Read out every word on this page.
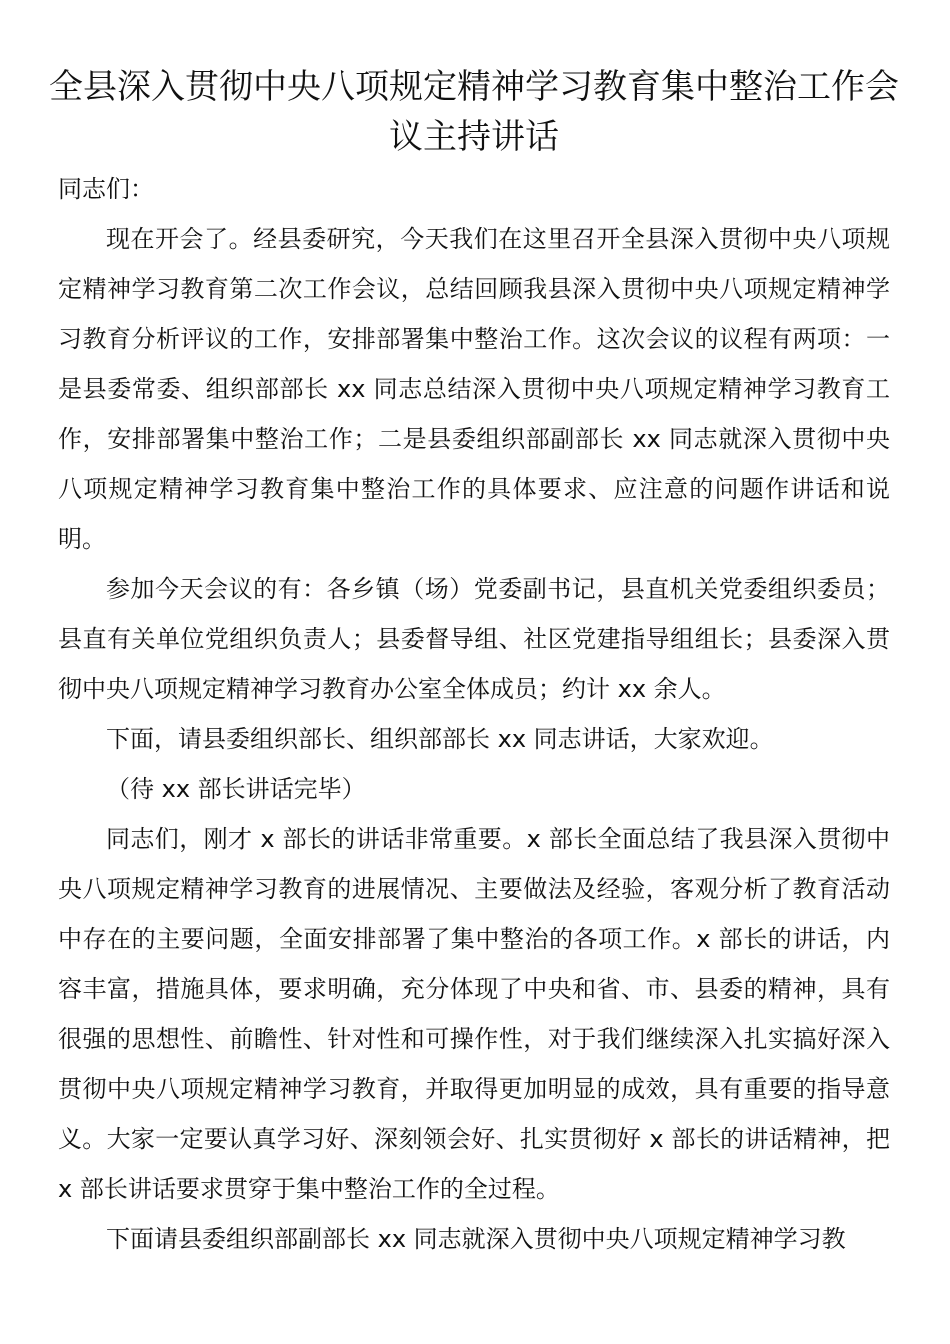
全县深入贯彻中央八项规定精神学习教育集中整治工作会议主持讲话

同志们：

现在开会了。经县委研究，今天我们在这里召开全县深入贯彻中央八项规定精神学习教育第二次工作会议，总结回顾我县深入贯彻中央八项规定精神学习教育分析评议的工作，安排部署集中整治工作。这次会议的议程有两项：一是县委常委、组织部部长 xx 同志总结深入贯彻中央八项规定精神学习教育工作，安排部署集中整治工作；二是县委组织部副部长 xx 同志就深入贯彻中央八项规定精神学习教育集中整治工作的具体要求、应注意的问题作讲话和说明。

参加今天会议的有：各乡镇（场）党委副书记，县直机关党委组织委员；县直有关单位党组织负责人；县委督导组、社区党建指导组组长；县委深入贯彻中央八项规定精神学习教育办公室全体成员；约计 xx 余人。

下面，请县委组织部长、组织部部长 xx 同志讲话，大家欢迎。

（待 xx 部长讲话完毕）

同志们，刚才 x 部长的讲话非常重要。x 部长全面总结了我县深入贯彻中央八项规定精神学习教育的进展情况、主要做法及经验，客观分析了教育活动中存在的主要问题，全面安排部署了集中整治的各项工作。x 部长的讲话，内容丰富，措施具体，要求明确，充分体现了中央和省、市、县委的精神，具有很强的思想性、前瞻性、针对性和可操作性，对于我们继续深入扎实搞好深入贯彻中央八项规定精神学习教育，并取得更加明显的成效，具有重要的指导意义。大家一定要认真学习好、深刻领会好、扎实贯彻好 x 部长的讲话精神，把 x 部长讲话要求贯穿于集中整治工作的全过程。

下面请县委组织部副部长 xx 同志就深入贯彻中央八项规定精神学习教
